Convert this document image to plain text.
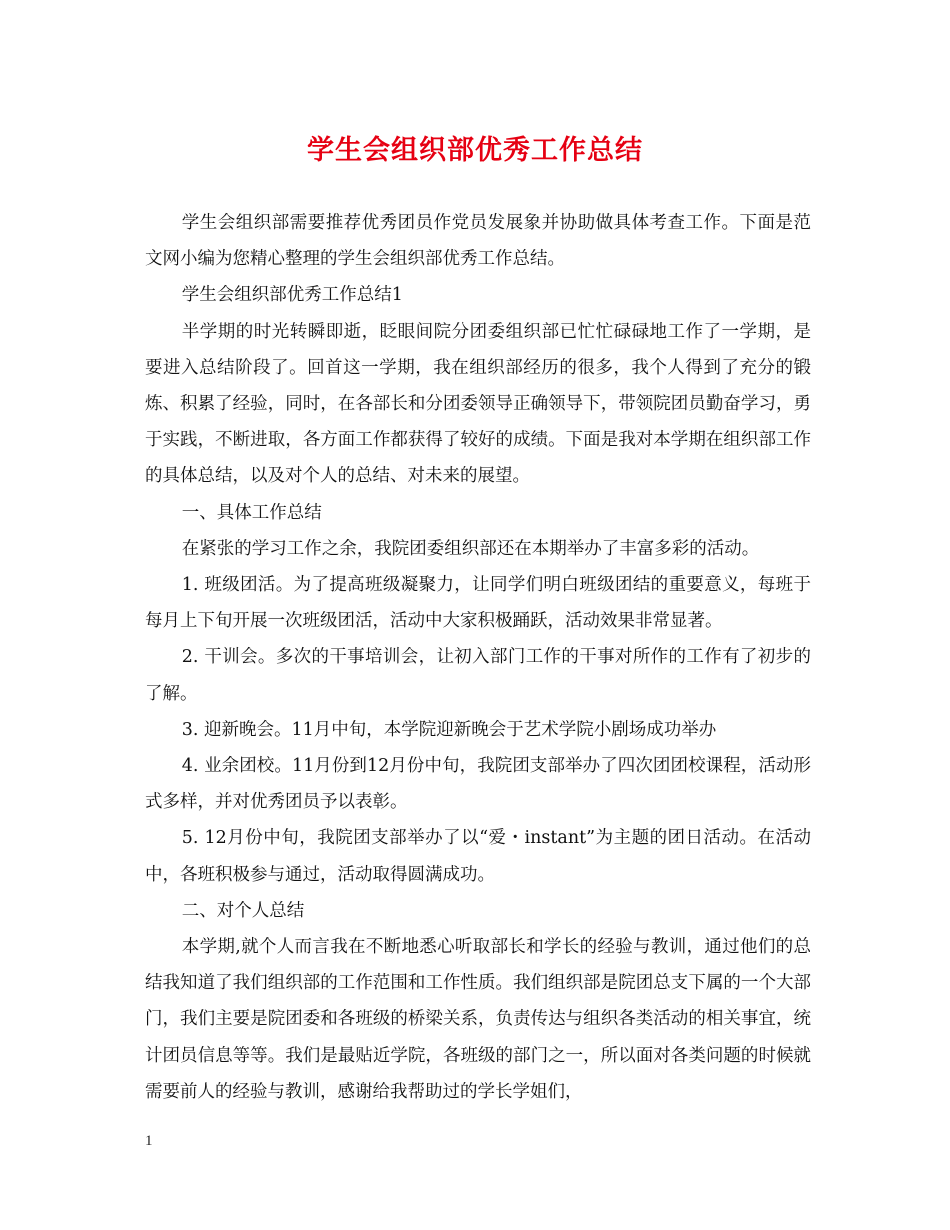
学生会组织部优秀工作总结

学生会组织部需要推荐优秀团员作党员发展象并协助做具体考查工作。下面是范文网小编为您精心整理的学生会组织部优秀工作总结。

学生会组织部优秀工作总结1

半学期的时光转瞬即逝，眨眼间院分团委组织部已忙忙碌碌地工作了一学期，是要进入总结阶段了。回首这一学期，我在组织部经历的很多，我个人得到了充分的锻炼、积累了经验，同时，在各部长和分团委领导正确领导下，带领院团员勤奋学习，勇于实践，不断进取，各方面工作都获得了较好的成绩。下面是我对本学期在组织部工作的具体总结，以及对个人的总结、对未来的展望。

一、具体工作总结

在紧张的学习工作之余，我院团委组织部还在本期举办了丰富多彩的活动。

1. 班级团活。为了提高班级凝聚力，让同学们明白班级团结的重要意义，每班于每月上下旬开展一次班级团活，活动中大家积极踊跃，活动效果非常显著。

2. 干训会。多次的干事培训会，让初入部门工作的干事对所作的工作有了初步的了解。

3. 迎新晚会。11月中旬，本学院迎新晚会于艺术学院小剧场成功举办

4. 业余团校。11月份到12月份中旬，我院团支部举办了四次团团校课程，活动形式多样，并对优秀团员予以表彰。

5. 12月份中旬，我院团支部举办了以“爱・instant”为主题的团日活动。在活动中，各班积极参与通过，活动取得圆满成功。

二、对个人总结

本学期,就个人而言我在不断地悉心听取部长和学长的经验与教训，通过他们的总结我知道了我们组织部的工作范围和工作性质。我们组织部是院团总支下属的一个大部门，我们主要是院团委和各班级的桥梁关系，负责传达与组织各类活动的相关事宜，统计团员信息等等。我们是最贴近学院，各班级的部门之一，所以面对各类问题的时候就需要前人的经验与教训，感谢给我帮助过的学长学姐们，

1
